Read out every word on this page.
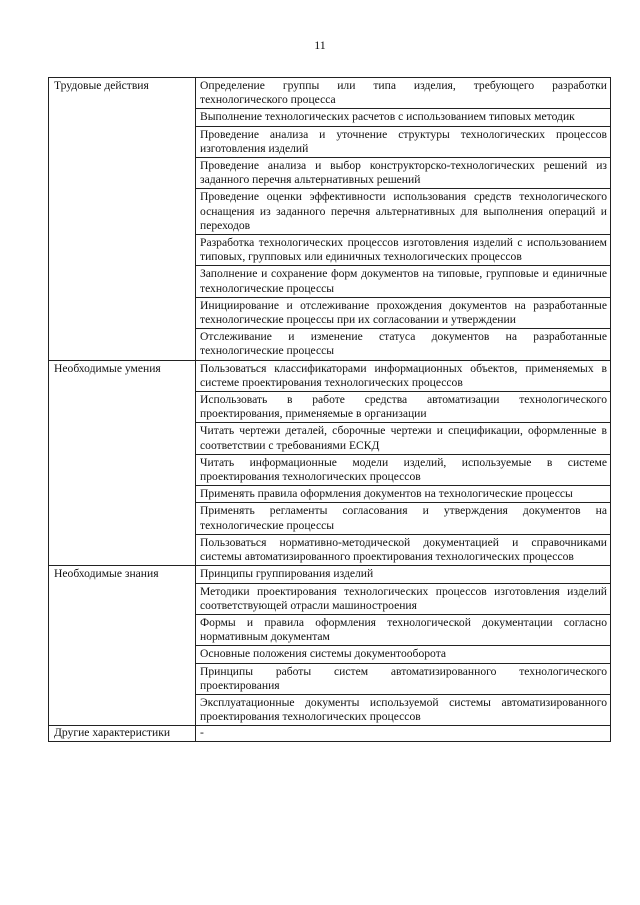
11
Трудовые действия	Определение группы или типа изделия, требующего разработки технологического процесса
	Выполнение технологических расчетов с использованием типовых методик
	Проведение анализа и уточнение структуры технологических процессов изготовления изделий
	Проведение анализа и выбор конструкторско-технологических решений из заданного перечня альтернативных решений
	Проведение оценки эффективности использования средств технологического оснащения из заданного перечня альтернативных для выполнения операций и переходов
	Разработка технологических процессов изготовления изделий с использованием типовых, групповых или единичных технологических процессов
	Заполнение и сохранение форм документов на типовые, групповые и единичные технологические процессы
	Инициирование и отслеживание прохождения документов на разработанные технологические процессы при их согласовании и утверждении
	Отслеживание и изменение статуса документов на разработанные технологические процессы
Необходимые умения	Пользоваться классификаторами информационных объектов, применяемых в системе проектирования технологических процессов
	Использовать в работе средства автоматизации технологического проектирования, применяемые в организации
	Читать чертежи деталей, сборочные чертежи и спецификации, оформленные в соответствии с требованиями ЕСКД
	Читать информационные модели изделий, используемые в системе проектирования технологических процессов
	Применять правила оформления документов на технологические процессы
	Применять регламенты согласования и утверждения документов на технологические процессы
	Пользоваться нормативно-методической документацией и справочниками системы автоматизированного проектирования технологических процессов
Необходимые знания	Принципы группирования изделий
	Методики проектирования технологических процессов изготовления изделий соответствующей отрасли машиностроения
	Формы и правила оформления технологической документации согласно нормативным документам
	Основные положения системы документооборота
	Принципы работы систем автоматизированного технологического проектирования
	Эксплуатационные документы используемой системы автоматизированного проектирования технологических процессов
Другие характеристики	-
